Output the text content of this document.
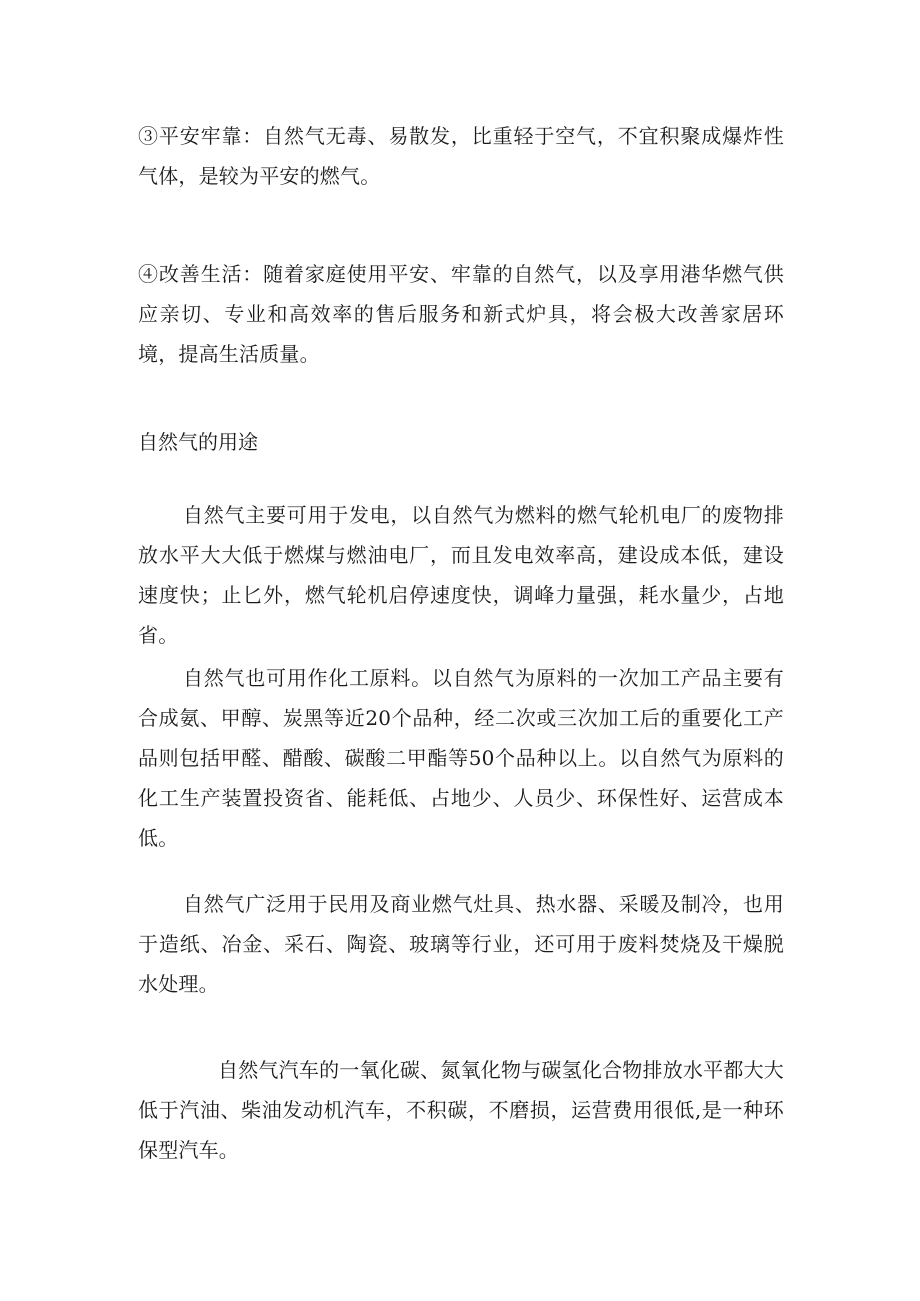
③平安牢靠：自然气无毒、易散发，比重轻于空气，不宜积聚成爆炸性气体，是较为平安的燃气。

④改善生活：随着家庭使用平安、牢靠的自然气，以及享用港华燃气供应亲切、专业和高效率的售后服务和新式炉具，将会极大改善家居环境，提高生活质量。

自然气的用途

自然气主要可用于发电，以自然气为燃料的燃气轮机电厂的废物排放水平大大低于燃煤与燃油电厂，而且发电效率高，建设成本低，建设速度快；止匕外，燃气轮机启停速度快，调峰力量强，耗水量少，占地省。

自然气也可用作化工原料。以自然气为原料的一次加工产品主要有合成氨、甲醇、炭黑等近20个品种，经二次或三次加工后的重要化工产品则包括甲醛、醋酸、碳酸二甲酯等50个品种以上。以自然气为原料的化工生产装置投资省、能耗低、占地少、人员少、环保性好、运营成本低。

自然气广泛用于民用及商业燃气灶具、热水器、采暖及制冷，也用于造纸、冶金、采石、陶瓷、玻璃等行业，还可用于废料焚烧及干燥脱水处理。

自然气汽车的一氧化碳、氮氧化物与碳氢化合物排放水平都大大低于汽油、柴油发动机汽车，不积碳，不磨损，运营费用很低,是一种环保型汽车。
